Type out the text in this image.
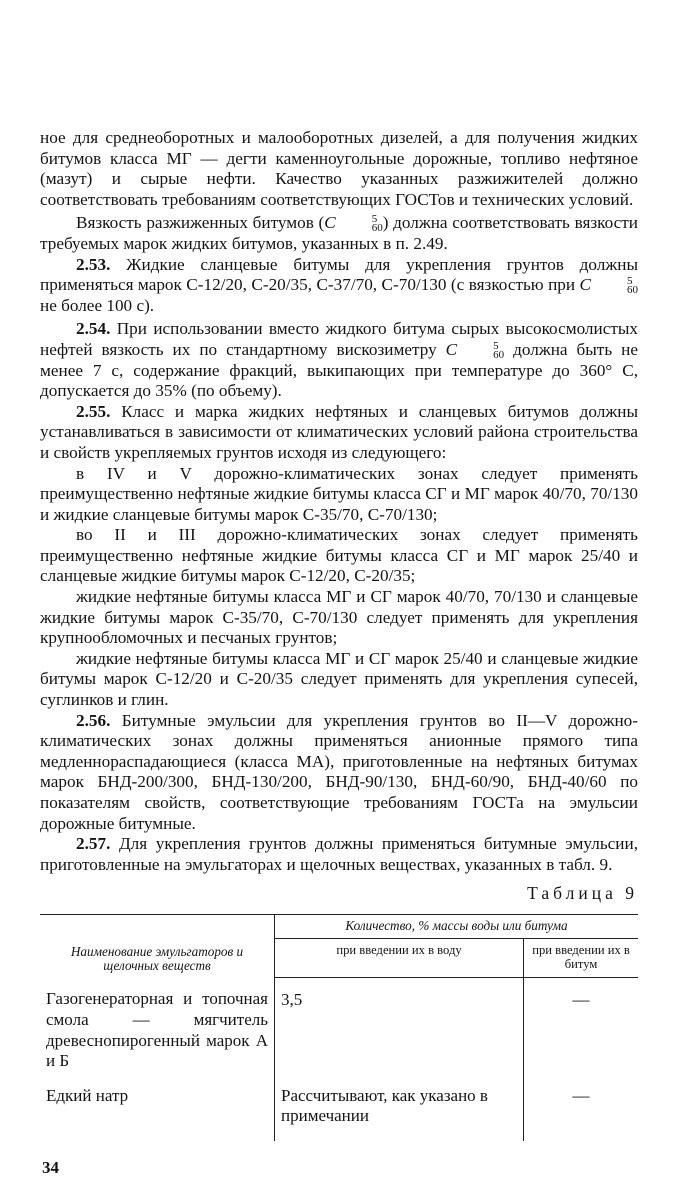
ное для среднеоборотных и малооборотных дизелей, а для получения жидких битумов класса МГ — дегти каменноугольные дорожные, топливо нефтяное (мазут) и сырые нефти. Качество указанных разжижителей должно соответствовать требованиям соответствующих ГОСТов и технических условий.

Вязкость разжиженных битумов (С	5
60 ) должна соответствовать вязкости требуемых марок жидких битумов, указанных в п. 2.49.

2.53. Жидкие сланцевые битумы для укрепления грунтов должны применяться марок С-12/20, С-20/35, С-37/70, С-70/130 (с вязкостью при С	5
60
не более 100 с).

2.54. При использовании вместо жидкого битума сырых высокосмолистых нефтей вязкость их по стандартному вискозиметру С	5
60 должна быть не менее 7 с, содержание фракций, выкипающих при температуре до 360° С, допускается до 35% (по объему).

2.55. Класс и марка жидких нефтяных и сланцевых битумов должны устанавливаться в зависимости от климатических условий района строительства и свойств укрепляемых грунтов исходя из следующего:

в IV и V дорожно-климатических зонах следует применять преимущественно нефтяные жидкие битумы класса СГ и МГ марок 40/70, 70/130 и жидкие сланцевые битумы марок С-35/70, С-70/130;

во II и III дорожно-климатических зонах следует применять преимущественно нефтяные жидкие битумы класса СГ и МГ марок 25/40 и сланцевые жидкие битумы марок С-12/20, С-20/35;

жидкие нефтяные битумы класса МГ и СГ марок 40/70, 70/130 и сланцевые жидкие битумы марок С-35/70, С-70/130 следует применять для укрепления крупнообломочных и песчаных грунтов;

жидкие нефтяные битумы класса МГ и СГ марок 25/40 и сланцевые жидкие битумы марок С-12/20 и С-20/35 следует применять для укрепления супесей, суглинков и глин.

2.56. Битумные эмульсии для укрепления грунтов во II—V дорожно-климатических зонах должны применяться анионные прямого типа медленнораспадающиеся (класса МА), приготовленные на нефтяных битумах марок БНД-200/300, БНД-130/200, БНД-90/130, БНД-60/90, БНД-40/60 по показателям свойств, соответствующие требованиям ГОСТа на эмульсии дорожные битумные.

2.57. Для укрепления грунтов должны применяться битумные эмульсии, приготовленные на эмульгаторах и щелочных веществах, указанных в табл. 9.

Таблица 9
Наименование эмульгаторов и щелочных веществ	Количество, % массы воды или битума	
	при введении их в воду	при введении их в битум
Газогенераторная и топочная смола — мягчитель древеснопирогенный марок А и Б	3,5	—
Едкий натр	Рассчитывают, как указано в примечании	—
34
